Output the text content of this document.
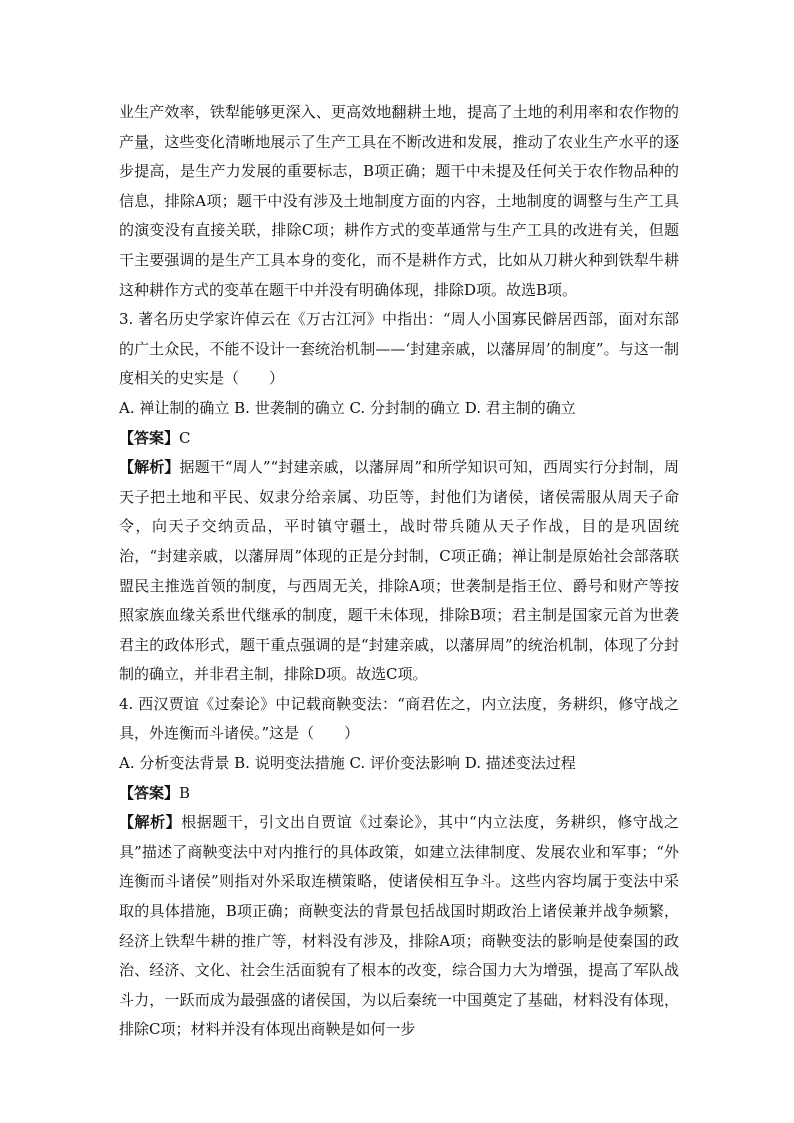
业生产效率，铁犁能够更深入、更高效地翻耕土地，提高了土地的利用率和农作物的产量，这些变化清晰地展示了生产工具在不断改进和发展，推动了农业生产水平的逐步提高，是生产力发展的重要标志，B项正确；题干中未提及任何关于农作物品种的信息，排除A项；题干中没有涉及土地制度方面的内容，土地制度的调整与生产工具的演变没有直接关联，排除C项；耕作方式的变革通常与生产工具的改进有关，但题干主要强调的是生产工具本身的变化，而不是耕作方式，比如从刀耕火种到铁犁牛耕这种耕作方式的变革在题干中并没有明确体现，排除D项。故选B项。

3. 著名历史学家许倬云在《万古江河》中指出：“周人小国寡民僻居西部，面对东部的广土众民，不能不设计一套统治机制——‘封建亲戚，以藩屏周’的制度”。与这一制度相关的史实是（　　）

A. 禅让制的确立 B. 世袭制的确立 C. 分封制的确立 D. 君主制的确立

【答案】C

【解析】据题干“周人”“封建亲戚，以藩屏周”和所学知识可知，西周实行分封制，周天子把土地和平民、奴隶分给亲属、功臣等，封他们为诸侯，诸侯需服从周天子命令，向天子交纳贡品，平时镇守疆土，战时带兵随从天子作战，目的是巩固统治，“封建亲戚，以藩屏周”体现的正是分封制，C项正确；禅让制是原始社会部落联盟民主推选首领的制度，与西周无关，排除A项；世袭制是指王位、爵号和财产等按照家族血缘关系世代继承的制度，题干未体现，排除B项；君主制是国家元首为世袭君主的政体形式，题干重点强调的是“封建亲戚，以藩屏周”的统治机制，体现了分封制的确立，并非君主制，排除D项。故选C项。

4. 西汉贾谊《过秦论》中记载商鞅变法：“商君佐之，内立法度，务耕织，修守战之具，外连衡而斗诸侯。”这是（　　）

A. 分析变法背景 B. 说明变法措施 C. 评价变法影响 D. 描述变法过程

【答案】B

【解析】根据题干，引文出自贾谊《过秦论》，其中“内立法度，务耕织，修守战之具”描述了商鞅变法中对内推行的具体政策，如建立法律制度、发展农业和军事；“外连衡而斗诸侯”则指对外采取连横策略，使诸侯相互争斗。这些内容均属于变法中采取的具体措施，B项正确；商鞅变法的背景包括战国时期政治上诸侯兼并战争频繁，经济上铁犁牛耕的推广等，材料没有涉及，排除A项；商鞅变法的影响是使秦国的政治、经济、文化、社会生活面貌有了根本的改变，综合国力大为增强，提高了军队战斗力，一跃而成为最强盛的诸侯国，为以后秦统一中国奠定了基础，材料没有体现，排除C项；材料并没有体现出商鞅是如何一步
